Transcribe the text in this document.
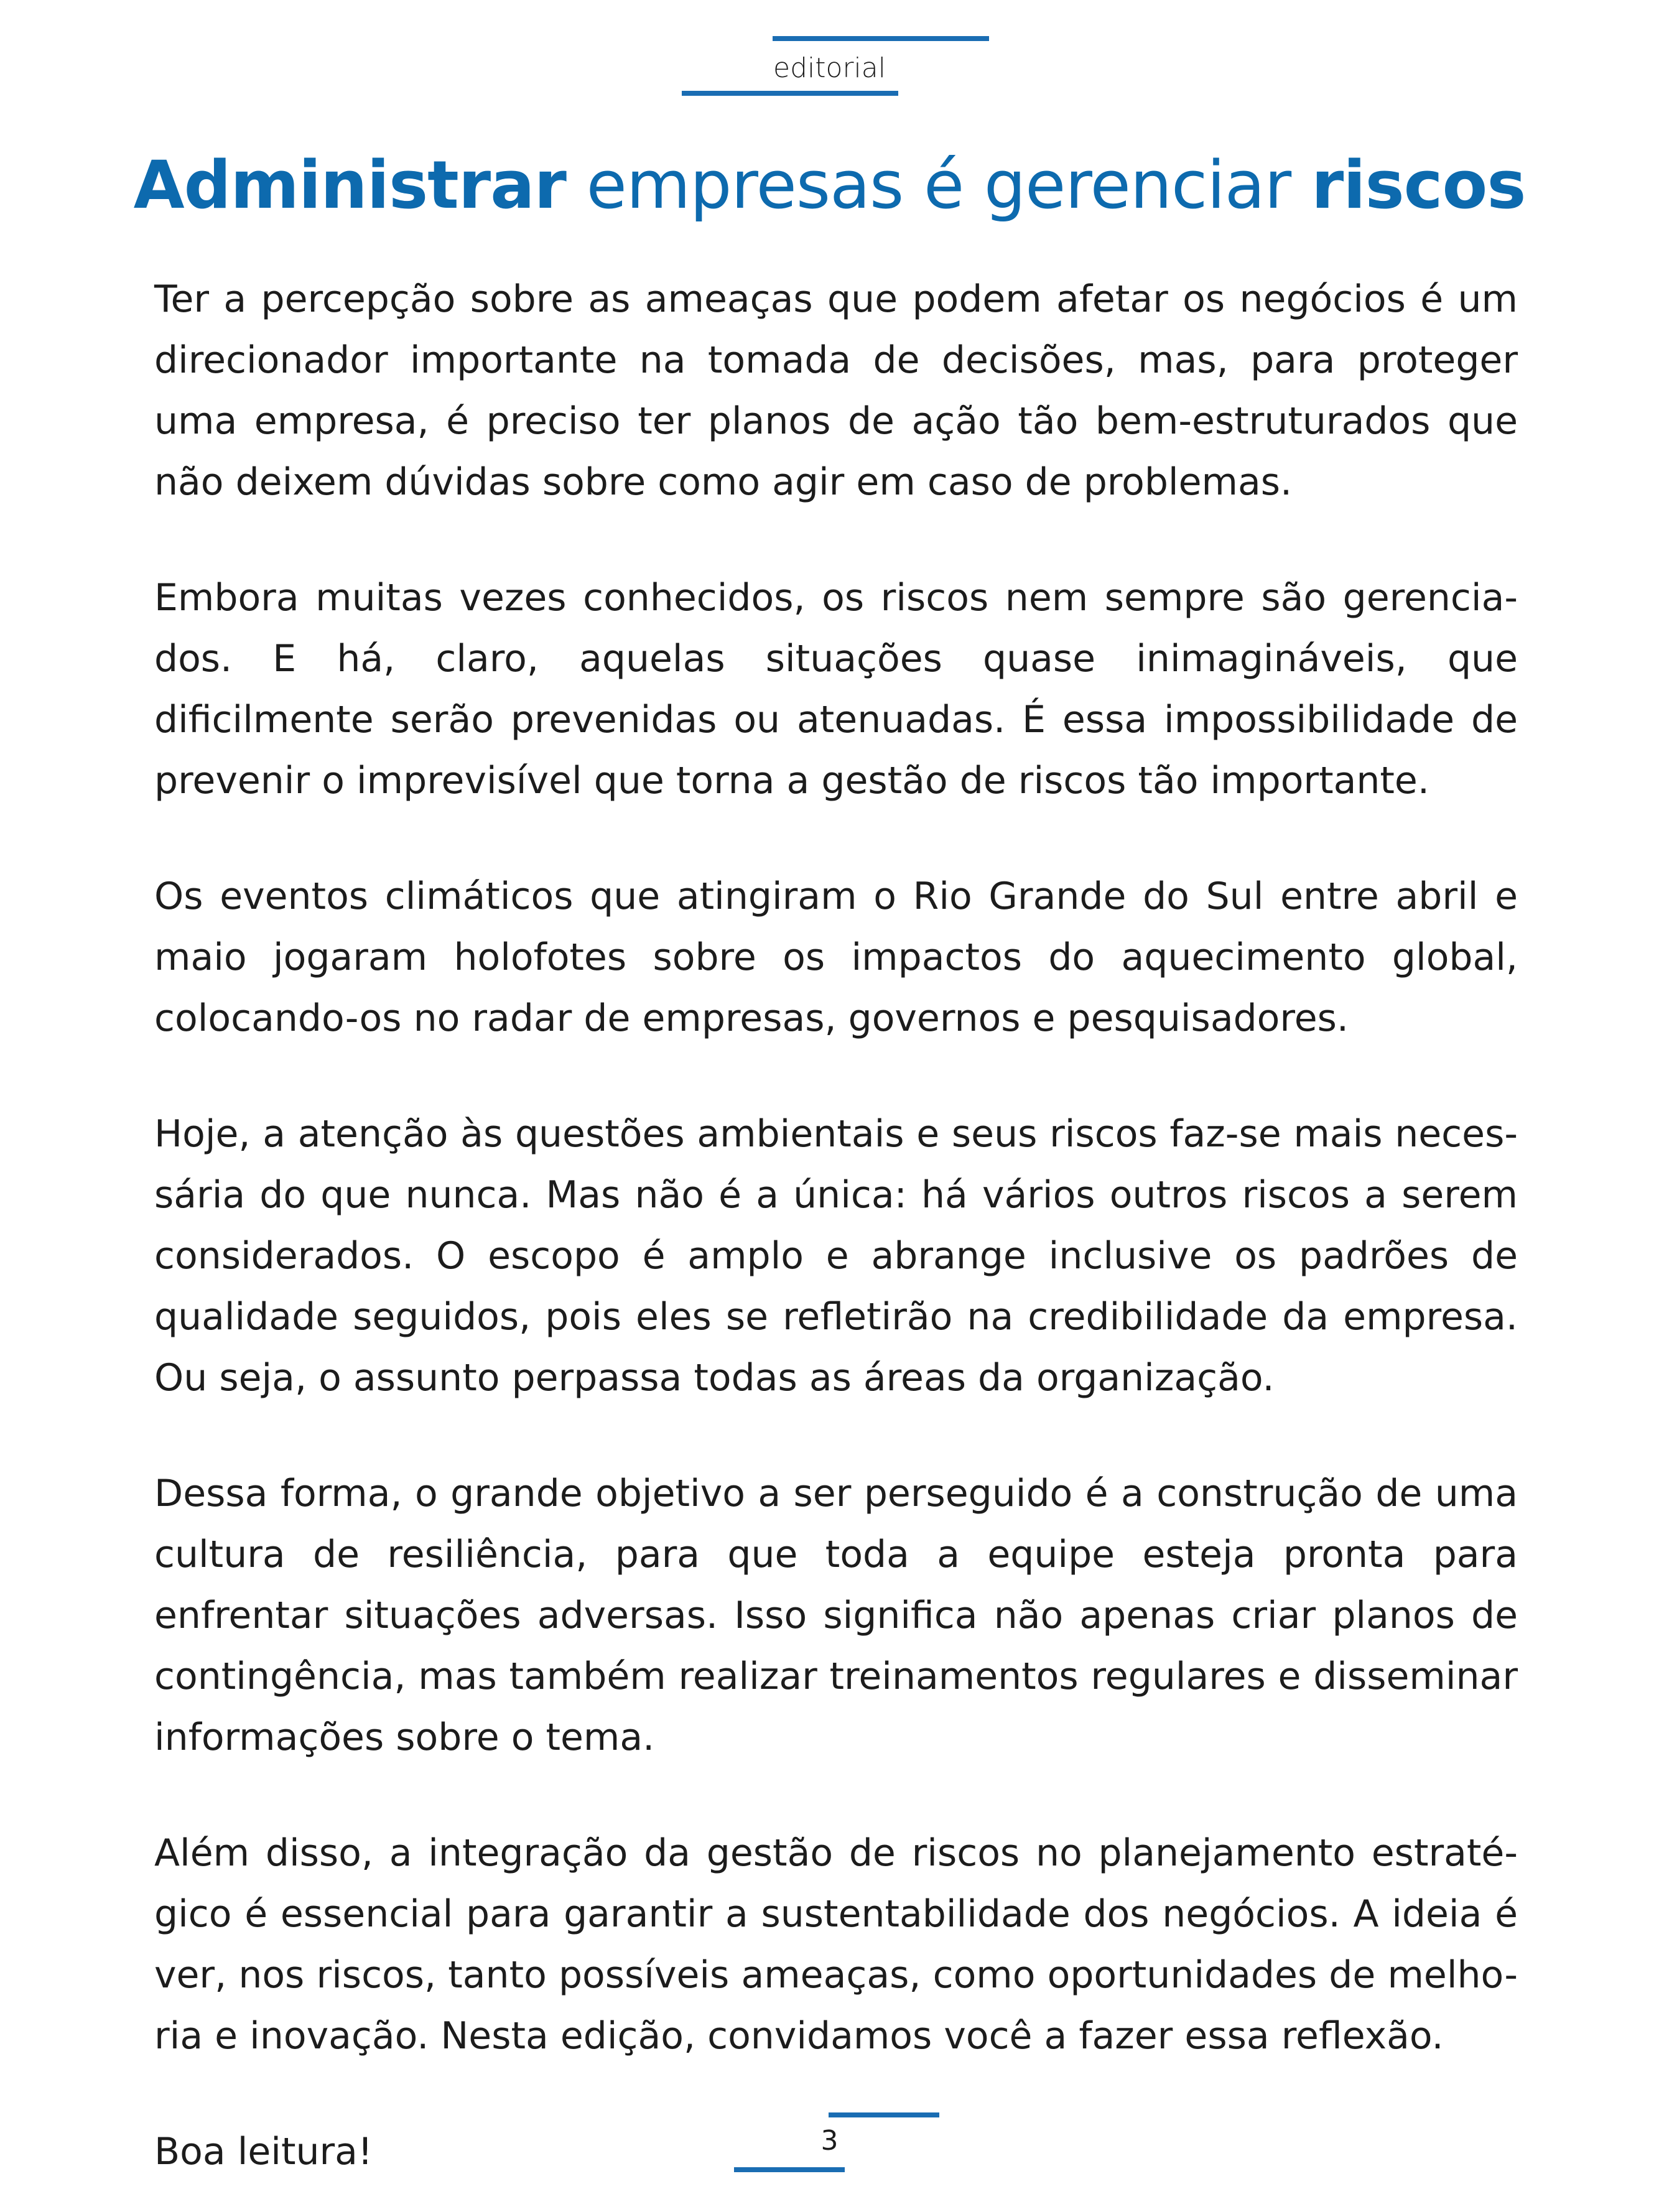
editorial
Administrar empresas é gerenciar riscos

Ter a percepção sobre as ameaças que podem afetar os negócios é um direcionador importante na tomada de decisões, mas, para proteger uma empresa, é preciso ter planos de ação tão bem-estruturados que não deixem dúvidas sobre como agir em caso de problemas.

Embora muitas vezes conhecidos, os riscos nem sempre são gerencia-dos. E há, claro, aquelas situações quase inimagináveis, que dificilmente serão prevenidas ou atenuadas. É essa impossibilidade de prevenir o imprevisível que torna a gestão de riscos tão importante.

Os eventos climáticos que atingiram o Rio Grande do Sul entre abril e maio jogaram holofotes sobre os impactos do aquecimento global, colocando-os no radar de empresas, governos e pesquisadores.

Hoje, a atenção às questões ambientais e seus riscos faz-se mais neces-sária do que nunca. Mas não é a única: há vários outros riscos a serem considerados. O escopo é amplo e abrange inclusive os padrões de qualidade seguidos, pois eles se refletirão na credibilidade da empresa. Ou seja, o assunto perpassa todas as áreas da organização.

Dessa forma, o grande objetivo a ser perseguido é a construção de uma cultura de resiliência, para que toda a equipe esteja pronta para enfrentar situações adversas. Isso significa não apenas criar planos de contingência, mas também realizar treinamentos regulares e disseminar informações sobre o tema.

Além disso, a integração da gestão de riscos no planejamento estraté-gico é essencial para garantir a sustentabilidade dos negócios. A ideia é ver, nos riscos, tanto possíveis ameaças, como oportunidades de melho-ria e inovação. Nesta edição, convidamos você a fazer essa reflexão.

Boa leitura!	3
